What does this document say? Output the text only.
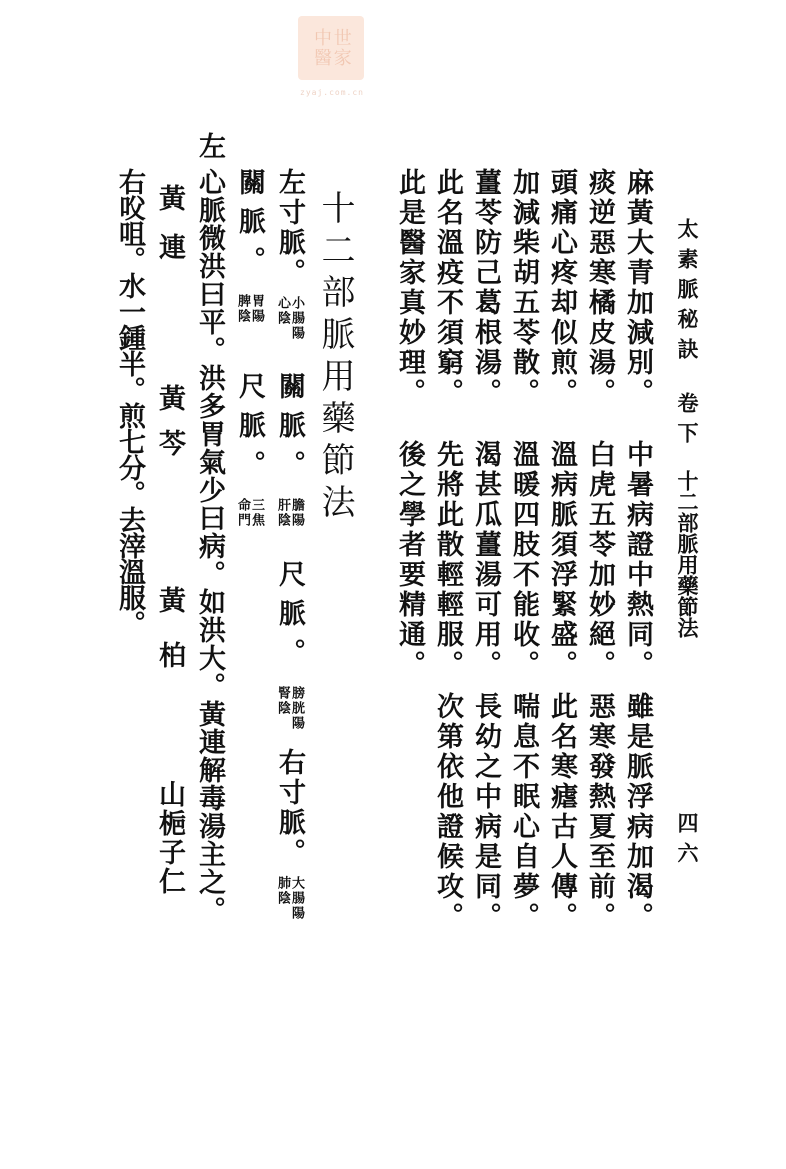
世家中醫
zyaj.com.cn
太素脈秘訣
卷下
十二部脈用藥節法
四六
麻黃大青加減別。
中暑病證中熱同。
雖是脈浮病加渴。
痰逆惡寒橘皮湯。
白虎五苓加妙絕。
惡寒發熱夏至前。
頭痛心疼却似煎。
溫病脈須浮緊盛。
此名寒瘧古人傳。
加減柴胡五苓散。
溫暖四肢不能收。
喘息不眠心自夢。
薑苓防己葛根湯。
渴甚瓜薑湯可用。
長幼之中病是同。
此名溫疫不須窮。
先將此散輕輕服。
次第依他證候攻。
此是醫家真妙理。
後之學者要精通。
十二部脈用藥節法
左寸脈。
心陰 小腸陽
關脈。
肝陰 膽陽
尺脈。
腎陰 膀胱陽
右寸脈。
肺陰 大腸陽
關脈。
脾陰 胃陽
尺脈。
命門 三焦
左
心脈微洪曰平。洪多胃氣少曰病。如洪大。黃連解毒湯主之。
黃連
黃芩
黃柏
山梔子仁
右㕮咀。水一鍾半。煎七分。去滓溫服。
